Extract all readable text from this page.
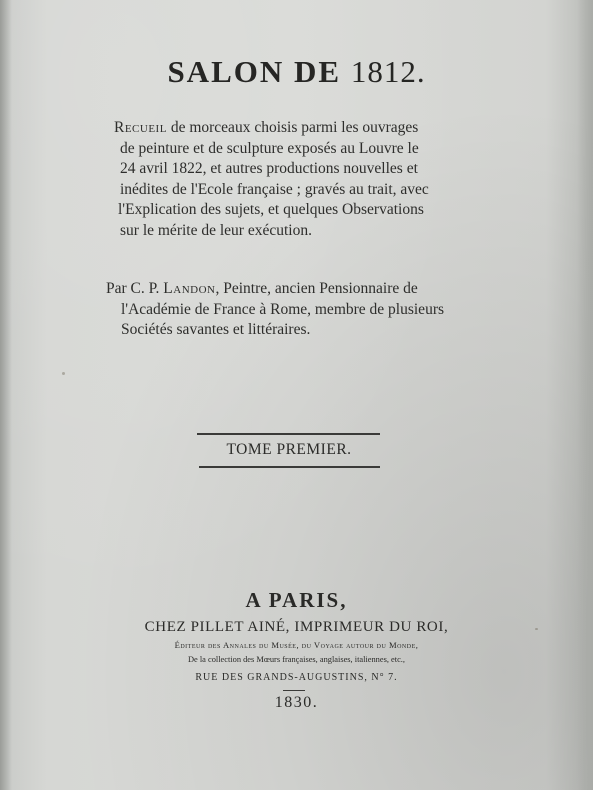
SALON DE 1812.
Recueil de morceaux choisis parmi les ouvrages
de peinture et de sculpture exposés au Louvre le
24 avril 1822, et autres productions nouvelles et
inédites de l'Ecole française ; gravés au trait, avec
l'Explication des sujets, et quelques Observations
sur le mérite de leur exécution.
Par C. P. Landon, Peintre, ancien Pensionnaire de
l'Académie de France à Rome, membre de plusieurs
Sociétés savantes et littéraires.
TOME PREMIER.
A PARIS,
CHEZ PILLET AINÉ, IMPRIMEUR DU ROI,
Éditeur des Annales du Musée, du Voyage autour du Monde,
De la collection des Mœurs françaises, anglaises, italiennes, etc.,
RUE DES GRANDS-AUGUSTINS, N° 7.
1830.
